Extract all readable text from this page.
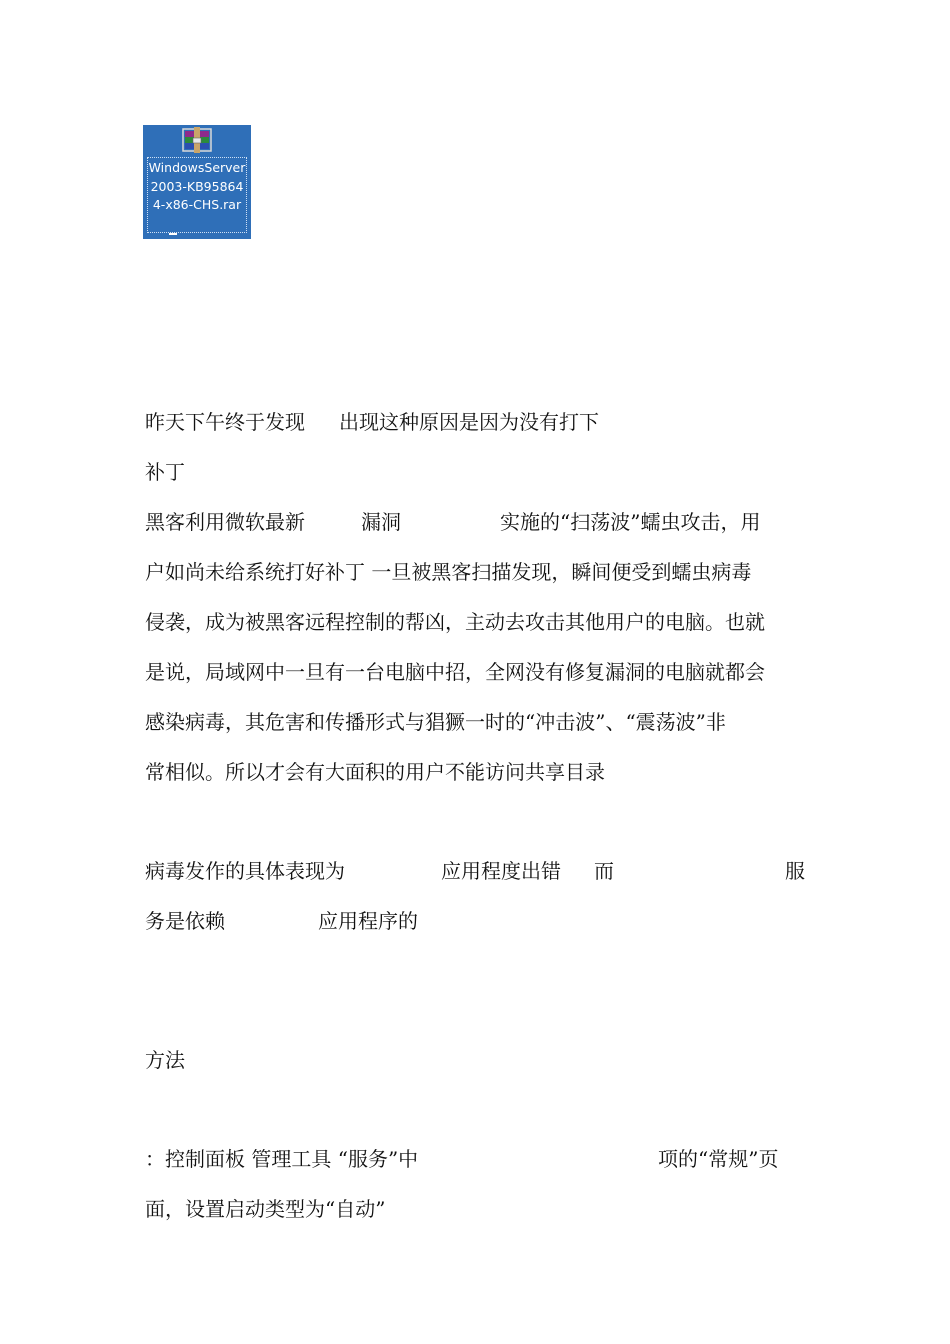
WindowsServer2003-KB958644-x86-CHS.rar
昨天下午终于发现 出现这种原因是因为没有打下
补丁
黑客利用微软最新	漏洞	实施的“扫荡波”蠕虫攻击，用
户如尚未给系统打好补丁 一旦被黑客扫描发现，瞬间便受到蠕虫病毒
侵袭，成为被黑客远程控制的帮凶，主动去攻击其他用户的电脑。也就
是说，局域网中一旦有一台电脑中招，全网没有修复漏洞的电脑就都会
感染病毒，其危害和传播形式与猖獗一时的“冲击波”、“震荡波”非
常相似。所以才会有大面积的用户不能访问共享目录
病毒发作的具体表现为	应用程度出错 而	服
务是依赖	应用程序的
方法
：控制面板 管理工具 “服务”中	项的“常规”页
面，设置启动类型为“自动”
